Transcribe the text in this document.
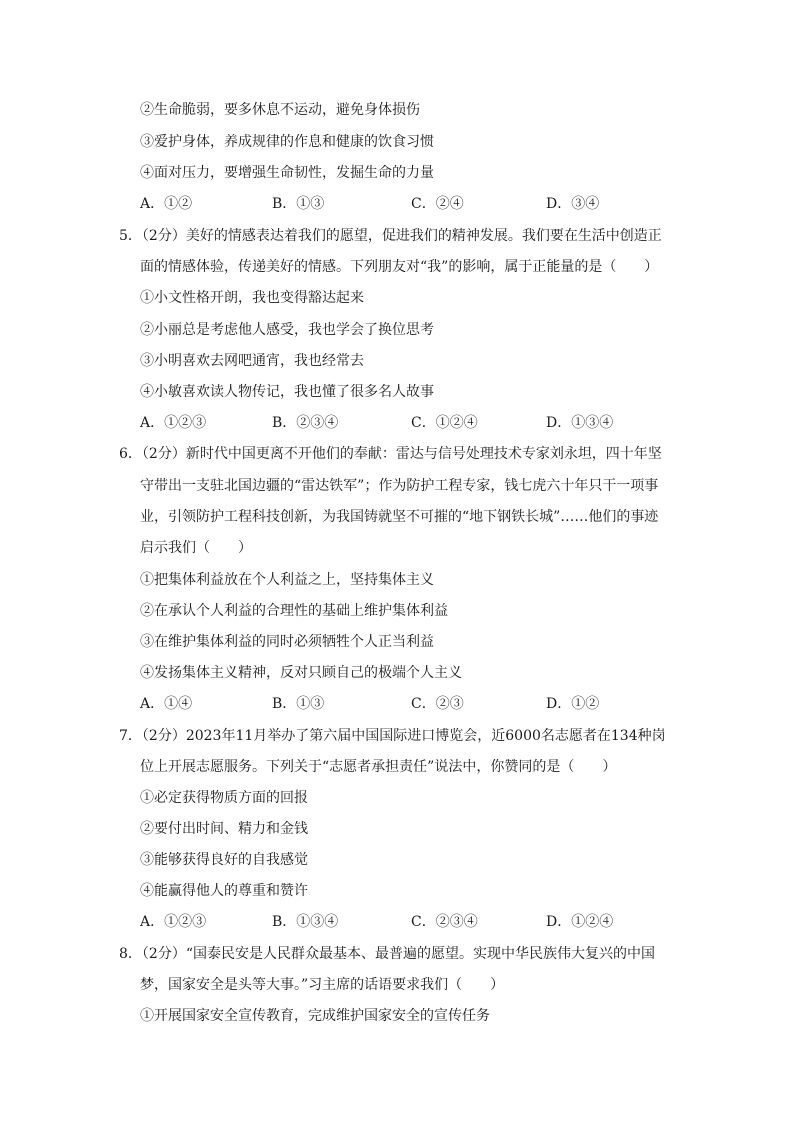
②生命脆弱，要多休息不运动，避免身体损伤
③爱护身体，养成规律的作息和健康的饮食习惯
④面对压力，要增强生命韧性，发掘生命的力量
A．①②	B．①③	C．②④	D．③④
5．（2分）美好的情感表达着我们的愿望，促进我们的精神发展。我们要在生活中创造正
面的情感体验，传递美好的情感。下列朋友对“我”的影响，属于正能量的是（　　）
①小文性格开朗，我也变得豁达起来
②小丽总是考虑他人感受，我也学会了换位思考
③小明喜欢去网吧通宵，我也经常去
④小敏喜欢读人物传记，我也懂了很多名人故事
A．①②③	B．②③④	C．①②④	D．①③④
6．（2分）新时代中国更离不开他们的奉献：雷达与信号处理技术专家刘永坦，四十年坚
守带出一支驻北国边疆的“雷达铁军”；作为防护工程专家，钱七虎六十年只干一项事
业，引领防护工程科技创新，为我国铸就坚不可摧的“地下钢铁长城”……他们的事迹
启示我们（　　）
①把集体利益放在个人利益之上，坚持集体主义
②在承认个人利益的合理性的基础上维护集体利益
③在维护集体利益的同时必须牺牲个人正当利益
④发扬集体主义精神，反对只顾自己的极端个人主义
A．①④	B．①③	C．②③	D．①②
7．（2分）2023年11月举办了第六届中国国际进口博览会，近6000名志愿者在134种岗
位上开展志愿服务。下列关于“志愿者承担责任”说法中，你赞同的是（　　）
①必定获得物质方面的回报
②要付出时间、精力和金钱
③能够获得良好的自我感觉
④能赢得他人的尊重和赞许
A．①②③	B．①③④	C．②③④	D．①②④
8．（2分）“国泰民安是人民群众最基本、最普遍的愿望。实现中华民族伟大复兴的中国
梦，国家安全是头等大事。”习主席的话语要求我们（　　）
①开展国家安全宣传教育，完成维护国家安全的宣传任务
